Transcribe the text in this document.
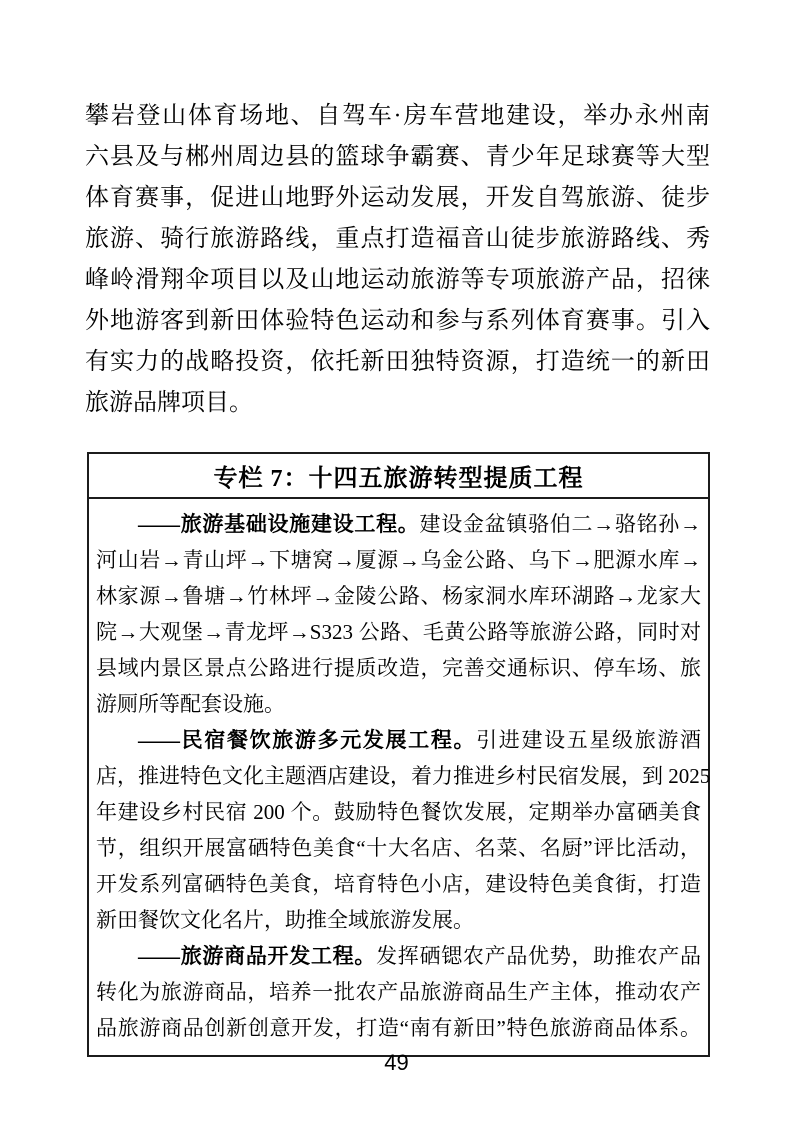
攀岩登山体育场地、自驾车·房车营地建设，举办永州南
六县及与郴州周边县的篮球争霸赛、青少年足球赛等大型
体育赛事，促进山地野外运动发展，开发自驾旅游、徒步
旅游、骑行旅游路线，重点打造福音山徒步旅游路线、秀
峰岭滑翔伞项目以及山地运动旅游等专项旅游产品，招徕
外地游客到新田体验特色运动和参与系列体育赛事。引入
有实力的战略投资，依托新田独特资源，打造统一的新田
旅游品牌项目。
专栏 7：十四五旅游转型提质工程
——旅游基础设施建设工程。建设金盆镇骆伯二→骆铭孙→
河山岩→青山坪→下塘窝→厦源→乌金公路、乌下→肥源水库→
林家源→鲁塘→竹林坪→金陵公路、杨家洞水库环湖路→龙家大
院→大观堡→青龙坪→S323 公路、毛黄公路等旅游公路，同时对
县域内景区景点公路进行提质改造，完善交通标识、停车场、旅
游厕所等配套设施。
——民宿餐饮旅游多元发展工程。引进建设五星级旅游酒
店，推进特色文化主题酒店建设，着力推进乡村民宿发展，到 2025
年建设乡村民宿 200 个。鼓励特色餐饮发展，定期举办富硒美食
节，组织开展富硒特色美食“十大名店、名菜、名厨”评比活动，
开发系列富硒特色美食，培育特色小店，建设特色美食街，打造
新田餐饮文化名片，助推全域旅游发展。
——旅游商品开发工程。发挥硒锶农产品优势，助推农产品
转化为旅游商品，培养一批农产品旅游商品生产主体，推动农产
品旅游商品创新创意开发，打造“南有新田”特色旅游商品体系。
49
